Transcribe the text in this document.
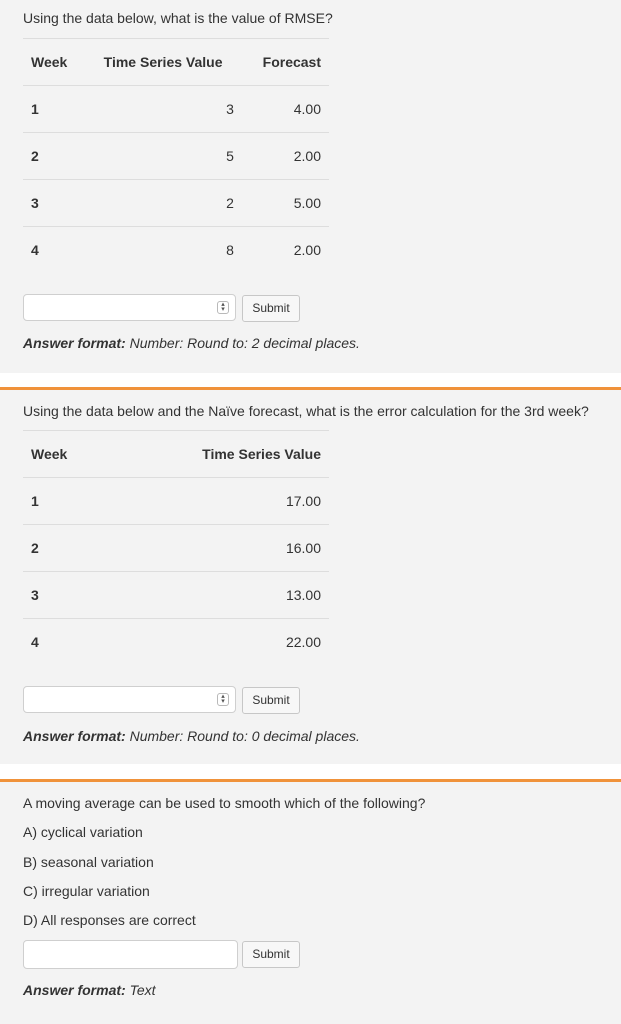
Using the data below, what is the value of RMSE?
Week	Time Series Value	Forecast
1	3	4.00
2	5	2.00
3	2	5.00
4	8	2.00
▴
▾	Submit
Answer format: Number: Round to: 2 decimal places.
Using the data below and the Naïve forecast, what is the error calculation for the 3rd week?
Week	Time Series Value
1	17.00
2	16.00
3	13.00
4	22.00
▴
▾	Submit
Answer format: Number: Round to: 0 decimal places.
A moving average can be used to smooth which of the following?
A) cyclical variation
B) seasonal variation
C) irregular variation
D) All responses are correct
Submit
Answer format: Text
